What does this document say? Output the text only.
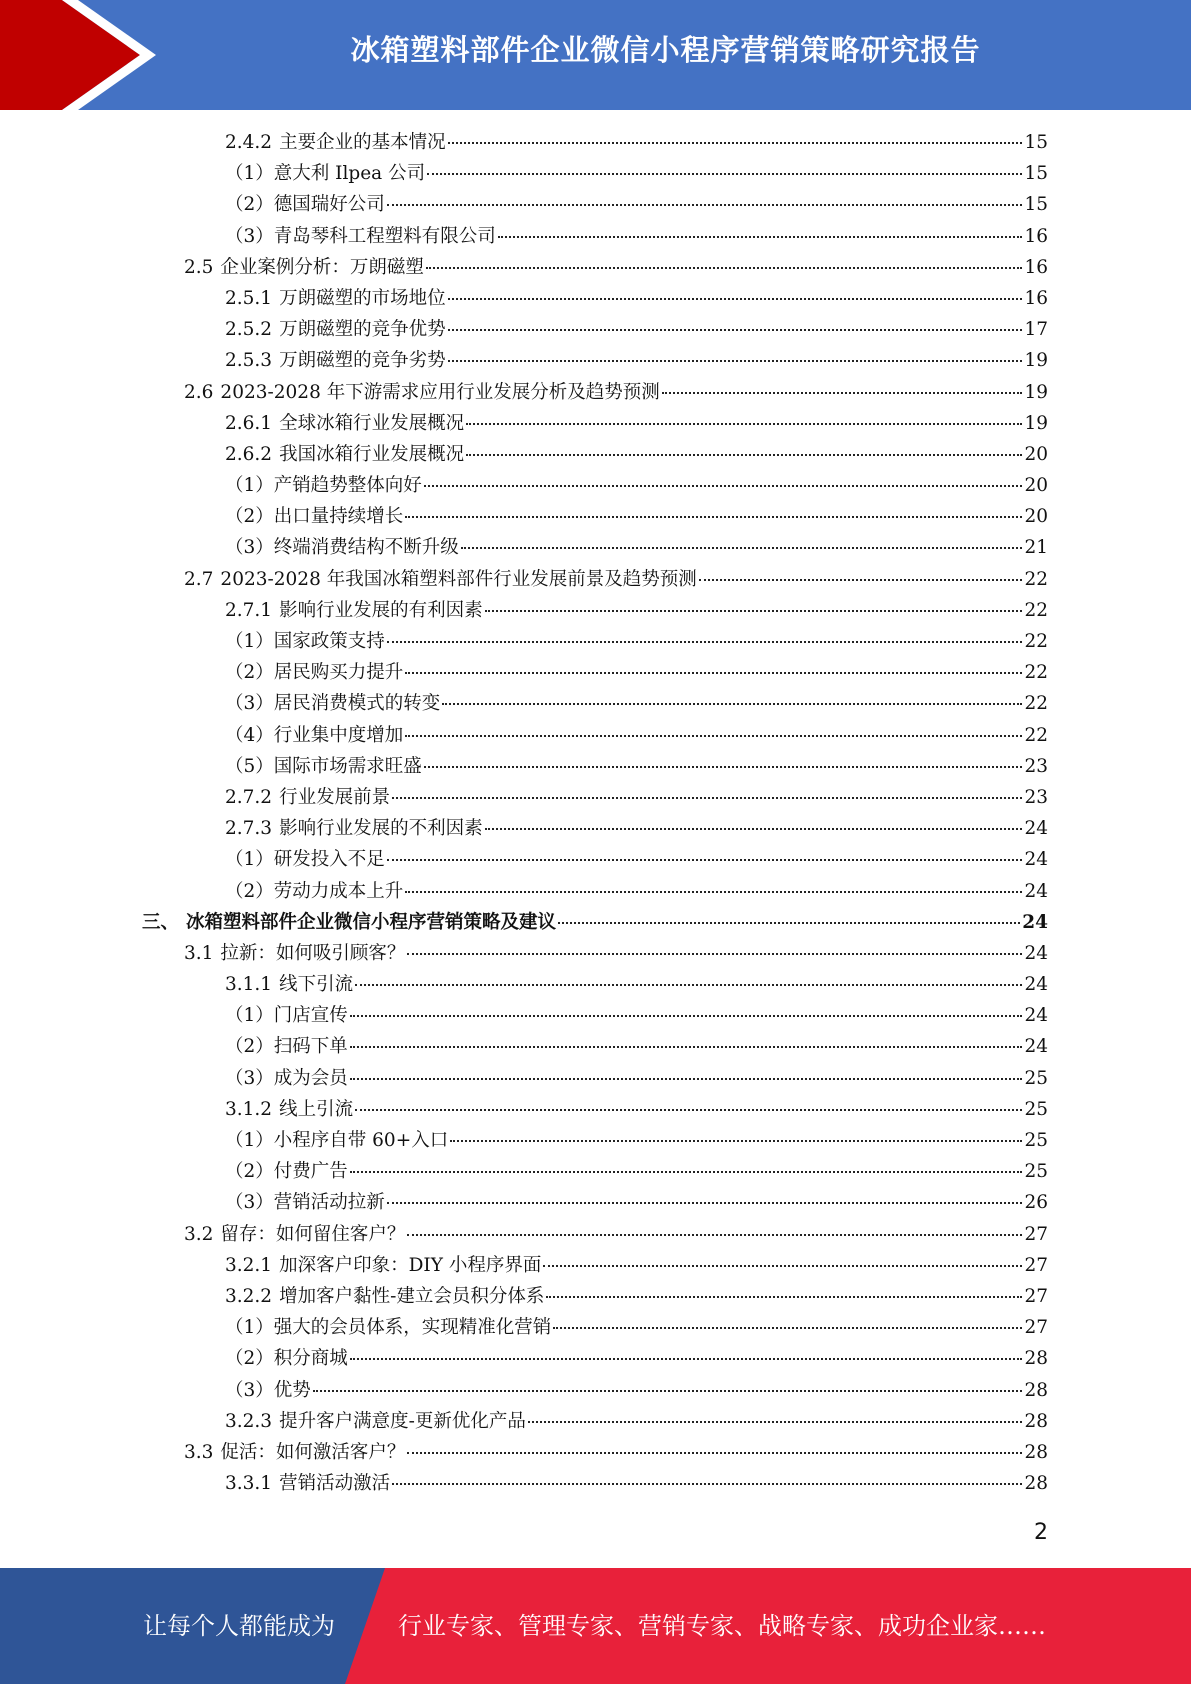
冰箱塑料部件企业微信小程序营销策略研究报告
2.4.2 主要企业的基本情况	15
（1） 意大利 Ilpea 公司	15
（2） 德国瑞好公司	15
（3） 青岛琴科工程塑料有限公司	16
2.5 企业案例分析：万朗磁塑	16
2.5.1 万朗磁塑的市场地位	16
2.5.2 万朗磁塑的竞争优势	17
2.5.3 万朗磁塑的竞争劣势	19
2.6 2023-2028 年下游需求应用行业发展分析及趋势预测	19
2.6.1 全球冰箱行业发展概况	19
2.6.2 我国冰箱行业发展概况	20
（1） 产销趋势整体向好	20
（2） 出口量持续增长	20
（3） 终端消费结构不断升级	21
2.7 2023-2028 年我国冰箱塑料部件行业发展前景及趋势预测	22
2.7.1 影响行业发展的有利因素	22
（1） 国家政策支持	22
（2） 居民购买力提升	22
（3） 居民消费模式的转变	22
（4） 行业集中度增加	22
（5） 国际市场需求旺盛	23
2.7.2 行业发展前景	23
2.7.3 影响行业发展的不利因素	24
（1） 研发投入不足	24
（2） 劳动力成本上升	24
三、 冰箱塑料部件企业微信小程序营销策略及建议	24
3.1 拉新：如何吸引顾客？	24
3.1.1 线下引流	24
（1） 门店宣传	24
（2） 扫码下单	24
（3） 成为会员	25
3.1.2 线上引流	25
（1） 小程序自带 60+入口	25
（2） 付费广告	25
（3） 营销活动拉新	26
3.2 留存：如何留住客户？	27
3.2.1 加深客户印象：DIY 小程序界面	27
3.2.2 增加客户黏性-建立会员积分体系	27
（1） 强大的会员体系，实现精准化营销	27
（2） 积分商城	28
（3） 优势	28
3.2.3 提升客户满意度-更新优化产品	28
3.3 促活：如何激活客户？	28
3.3.1 营销活动激活	28
2
让每个人都能成为	行业专家、管理专家、营销专家、战略专家、成功企业家……
